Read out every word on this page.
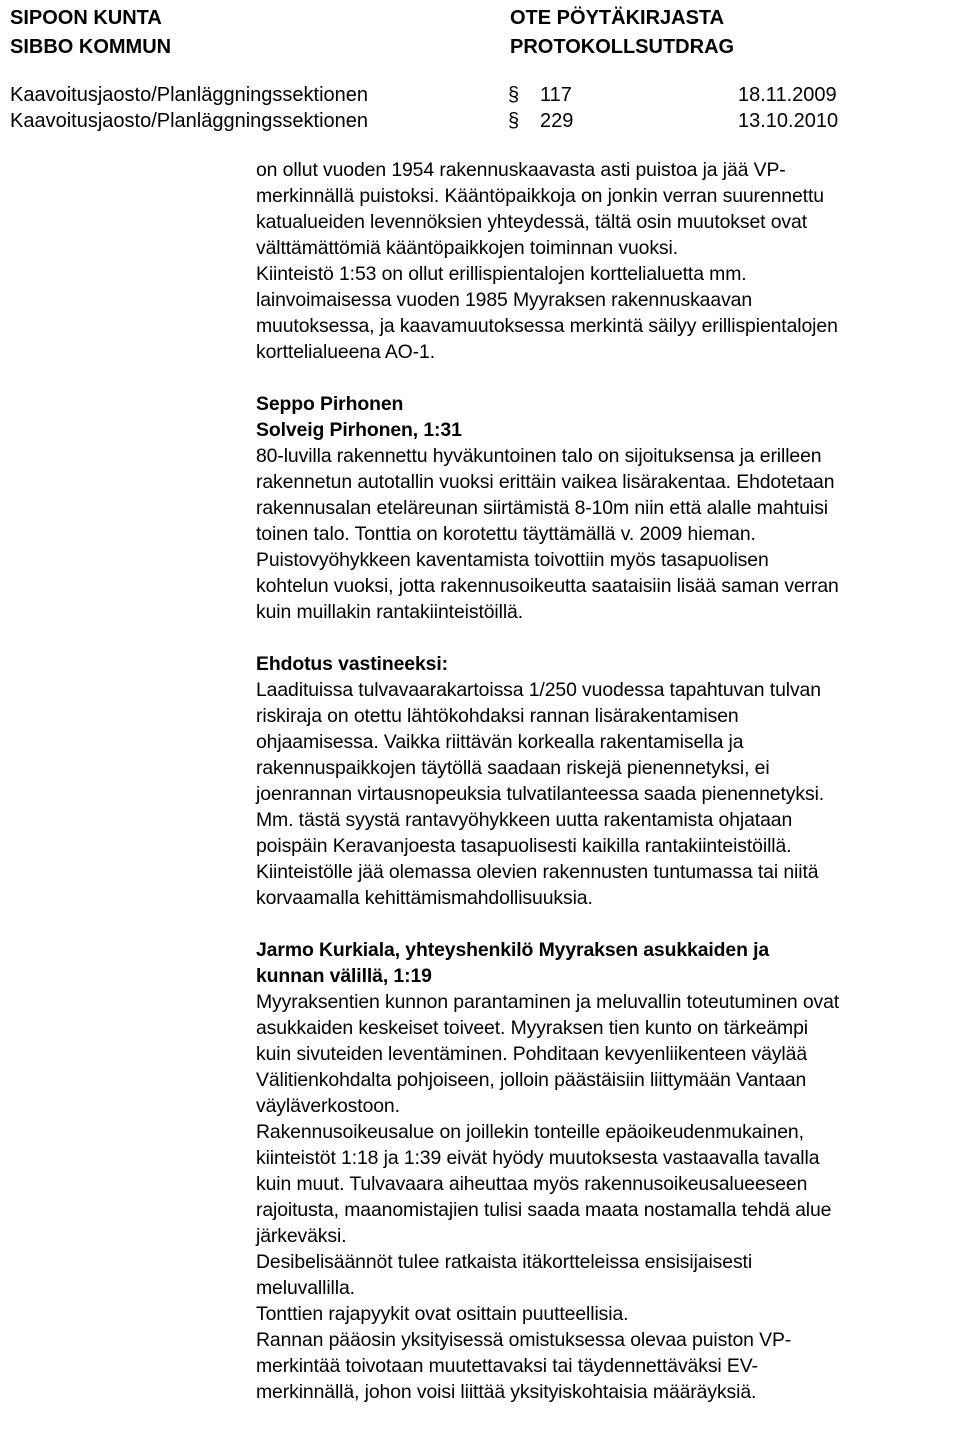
SIPOON KUNTA
SIBBO KOMMUN
OTE PÖYTÄKIRJASTA
PROTOKOLLSUTDRAG
Kaavoitusjaosto/Planläggningssektionen	§ 117	18.11.2009
Kaavoitusjaosto/Planläggningssektionen	§ 229	13.10.2010
on ollut vuoden 1954 rakennuskaavasta asti puistoa ja jää VP-
merkinnällä puistoksi. Kääntöpaikkoja on jonkin verran suurennettu
katualueiden levennöksien yhteydessä, tältä osin muutokset ovat
välttämättömiä kääntöpaikkojen toiminnan vuoksi.
Kiinteistö 1:53 on ollut erillispientalojen korttelialuetta mm.
lainvoimaisessa vuoden 1985 Myyraksen rakennuskaavan
muutoksessa, ja kaavamuutoksessa merkintä säilyy erillispientalojen
korttelialueena AO-1.
Seppo Pirhonen
Solveig Pirhonen, 1:31
80-luvilla rakennettu hyväkuntoinen talo on sijoituksensa ja erilleen
rakennetun autotallin vuoksi erittäin vaikea lisärakentaa. Ehdotetaan
rakennusalan eteläreunan siirtämistä 8-10m niin että alalle mahtuisi
toinen talo. Tonttia on korotettu täyttämällä v. 2009 hieman.
Puistovyöhykkeen kaventamista toivottiin myös tasapuolisen
kohtelun vuoksi, jotta rakennusoikeutta saataisiin lisää saman verran
kuin muillakin rantakiinteistöillä.
Ehdotus vastineeksi:
Laadituissa tulvavaarakartoissa 1/250 vuodessa tapahtuvan tulvan
riskiraja on otettu lähtökohdaksi rannan lisärakentamisen
ohjaamisessa. Vaikka riittävän korkealla rakentamisella ja
rakennuspaikkojen täytöllä saadaan riskejä pienennetyksi, ei
joenrannan virtausnopeuksia tulvatilanteessa saada pienennetyksi.
Mm. tästä syystä rantavyöhykkeen uutta rakentamista ohjataan
poispäin Keravanjoesta tasapuolisesti kaikilla rantakiinteistöillä.
Kiinteistölle jää olemassa olevien rakennusten tuntumassa tai niitä
korvaamalla kehittämismahdollisuuksia.
Jarmo Kurkiala, yhteyshenkilö Myyraksen asukkaiden ja
kunnan välillä, 1:19
Myyraksentien kunnon parantaminen ja meluvallin toteutuminen ovat
asukkaiden keskeiset toiveet. Myyraksen tien kunto on tärkeämpi
kuin sivuteiden leventäminen. Pohditaan kevyenliikenteen väylää
Välitienkohdalta pohjoiseen, jolloin päästäisiin liittymään Vantaan
väyläverkostoon.
Rakennusoikeusalue on joillekin tonteille epäoikeudenmukainen,
kiinteistöt 1:18 ja 1:39 eivät hyödy muutoksesta vastaavalla tavalla
kuin muut. Tulvavaara aiheuttaa myös rakennusoikeusalueeseen
rajoitusta, maanomistajien tulisi saada maata nostamalla tehdä alue
järkeväksi.
Desibelisäännöt tulee ratkaista itäkortteleissa ensisijaisesti
meluvallilla.
Tonttien rajapyykit ovat osittain puutteellisia.
Rannan pääosin yksityisessä omistuksessa olevaa puiston VP-
merkintää toivotaan muutettavaksi tai täydennettäväksi EV-
merkinnällä, johon voisi liittää yksityiskohtaisia määräyksiä.
